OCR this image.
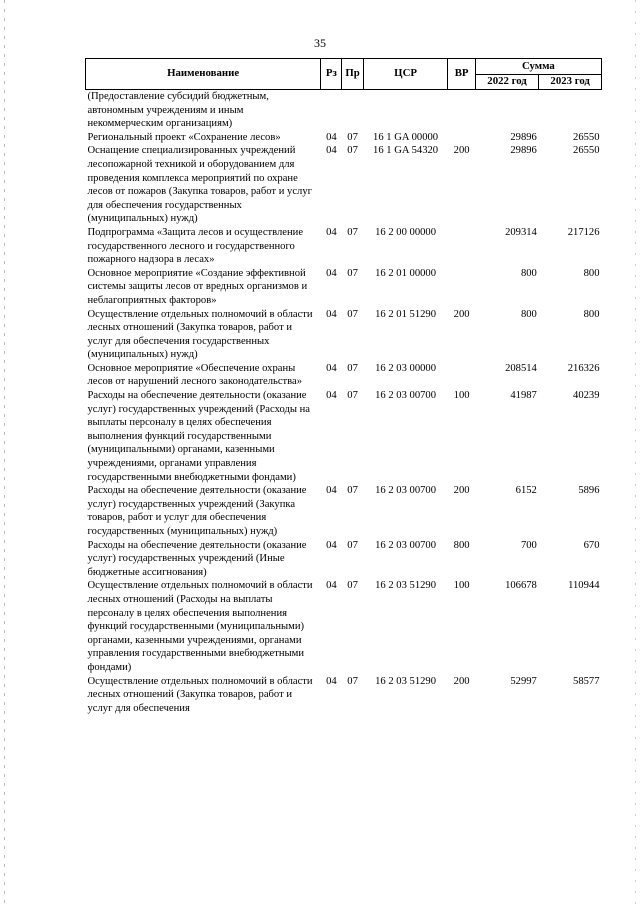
35
Наименование	Рз	Пр	ЦСР	ВР	Сумма	
					2022 год	2023 год
(Предоставление субсидий бюджетным, автономным учреждениям и иным некоммерческим организациям)						
Региональный проект «Сохранение лесов»	04	07	16 1 GA 00000		29896	26550
Оснащение специализированных учреждений лесопожарной техникой и оборудованием для проведения комплекса мероприятий по охране лесов от пожаров (Закупка товаров, работ и услуг для обеспечения государственных (муниципальных) нужд)	04	07	16 1 GA 54320	200	29896	26550
Подпрограмма «Защита лесов и осуществление государственного лесного и государственного пожарного надзора в лесах»	04	07	16 2 00 00000		209314	217126
Основное мероприятие «Создание эффективной системы защиты лесов от вредных организмов и неблагоприятных факторов»	04	07	16 2 01 00000		800	800
Осуществление отдельных полномочий в области лесных отношений (Закупка товаров, работ и услуг для обеспечения государственных (муниципальных) нужд)	04	07	16 2 01 51290	200	800	800
Основное мероприятие «Обеспечение охраны лесов от нарушений лесного законодательства»	04	07	16 2 03 00000		208514	216326
Расходы на обеспечение деятельности (оказание услуг) государственных учреждений (Расходы на выплаты персоналу в целях обеспечения выполнения функций государственными (муниципальными) органами, казенными учреждениями, органами управления государственными внебюджетными фондами)	04	07	16 2 03 00700	100	41987	40239
Расходы на обеспечение деятельности (оказание услуг) государственных учреждений (Закупка товаров, работ и услуг для обеспечения государственных (муниципальных) нужд)	04	07	16 2 03 00700	200	6152	5896
Расходы на обеспечение деятельности (оказание услуг) государственных учреждений (Иные бюджетные ассигнования)	04	07	16 2 03 00700	800	700	670
Осуществление отдельных полномочий в области лесных отношений (Расходы на выплаты персоналу в целях обеспечения выполнения функций государственными (муниципальными) органами, казенными учреждениями, органами управления государственными внебюджетными фондами)	04	07	16 2 03 51290	100	106678	110944
Осуществление отдельных полномочий в области лесных отношений (Закупка товаров, работ и услуг для обеспечения	04	07	16 2 03 51290	200	52997	58577
